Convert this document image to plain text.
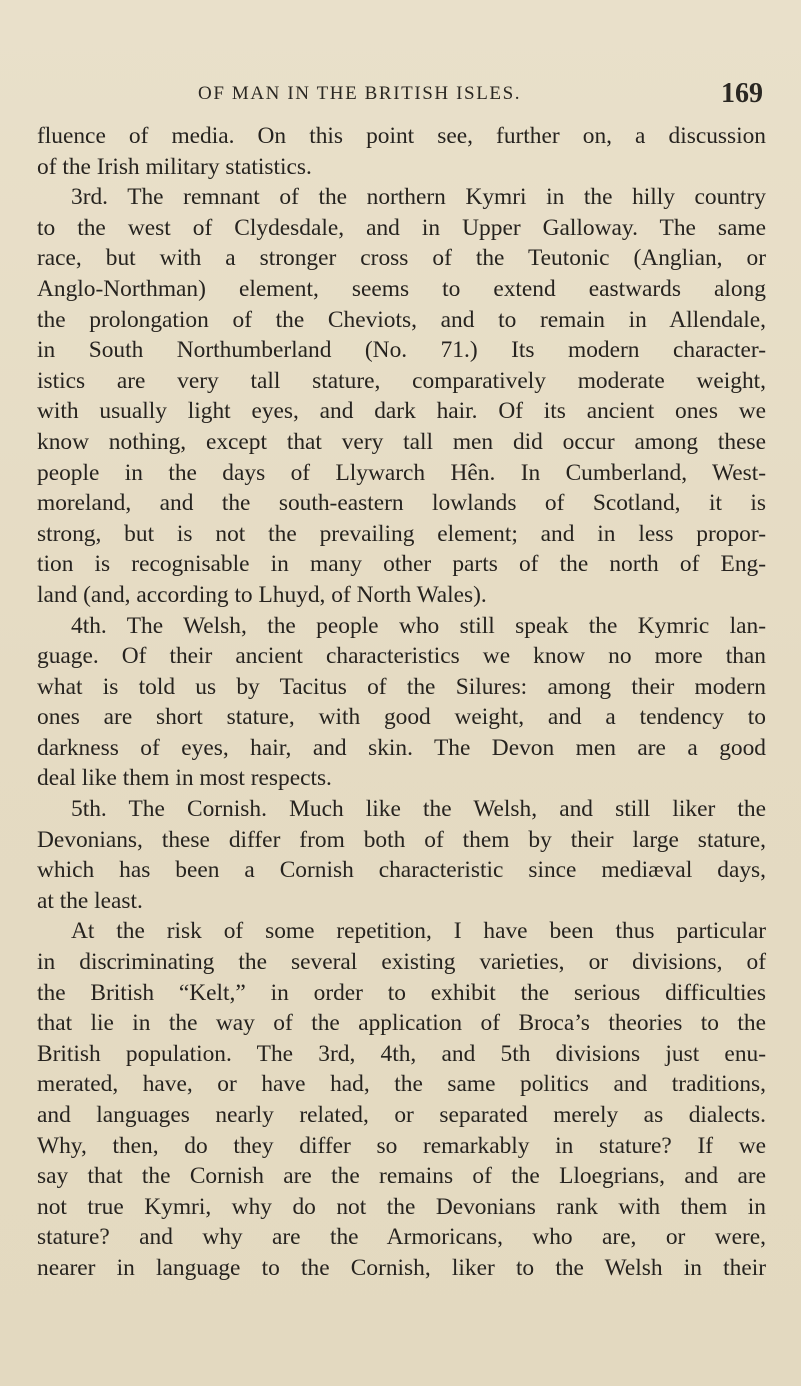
OF MAN IN THE BRITISH ISLES.	169
fluence of media. On this point see, further on, a discussion
of the Irish military statistics.
3rd. The remnant of the northern Kymri in the hilly country
to the west of Clydesdale, and in Upper Galloway. The same
race, but with a stronger cross of the Teutonic (Anglian, or
Anglo-Northman) element, seems to extend eastwards along
the prolongation of the Cheviots, and to remain in Allendale,
in South Northumberland (No. 71.) Its modern character-
istics are very tall stature, comparatively moderate weight,
with usually light eyes, and dark hair. Of its ancient ones we
know nothing, except that very tall men did occur among these
people in the days of Llywarch Hên. In Cumberland, West-
moreland, and the south-eastern lowlands of Scotland, it is
strong, but is not the prevailing element; and in less propor-
tion is recognisable in many other parts of the north of Eng-
land (and, according to Lhuyd, of North Wales).
4th. The Welsh, the people who still speak the Kymric lan-
guage. Of their ancient characteristics we know no more than
what is told us by Tacitus of the Silures: among their modern
ones are short stature, with good weight, and a tendency to
darkness of eyes, hair, and skin. The Devon men are a good
deal like them in most respects.
5th. The Cornish. Much like the Welsh, and still liker the
Devonians, these differ from both of them by their large stature,
which has been a Cornish characteristic since mediæval days,
at the least.
At the risk of some repetition, I have been thus particular
in discriminating the several existing varieties, or divisions, of
the British “Kelt,” in order to exhibit the serious difficulties
that lie in the way of the application of Broca’s theories to the
British population. The 3rd, 4th, and 5th divisions just enu-
merated, have, or have had, the same politics and traditions,
and languages nearly related, or separated merely as dialects.
Why, then, do they differ so remarkably in stature? If we
say that the Cornish are the remains of the Lloegrians, and are
not true Kymri, why do not the Devonians rank with them in
stature? and why are the Armoricans, who are, or were,
nearer in language to the Cornish, liker to the Welsh in their
